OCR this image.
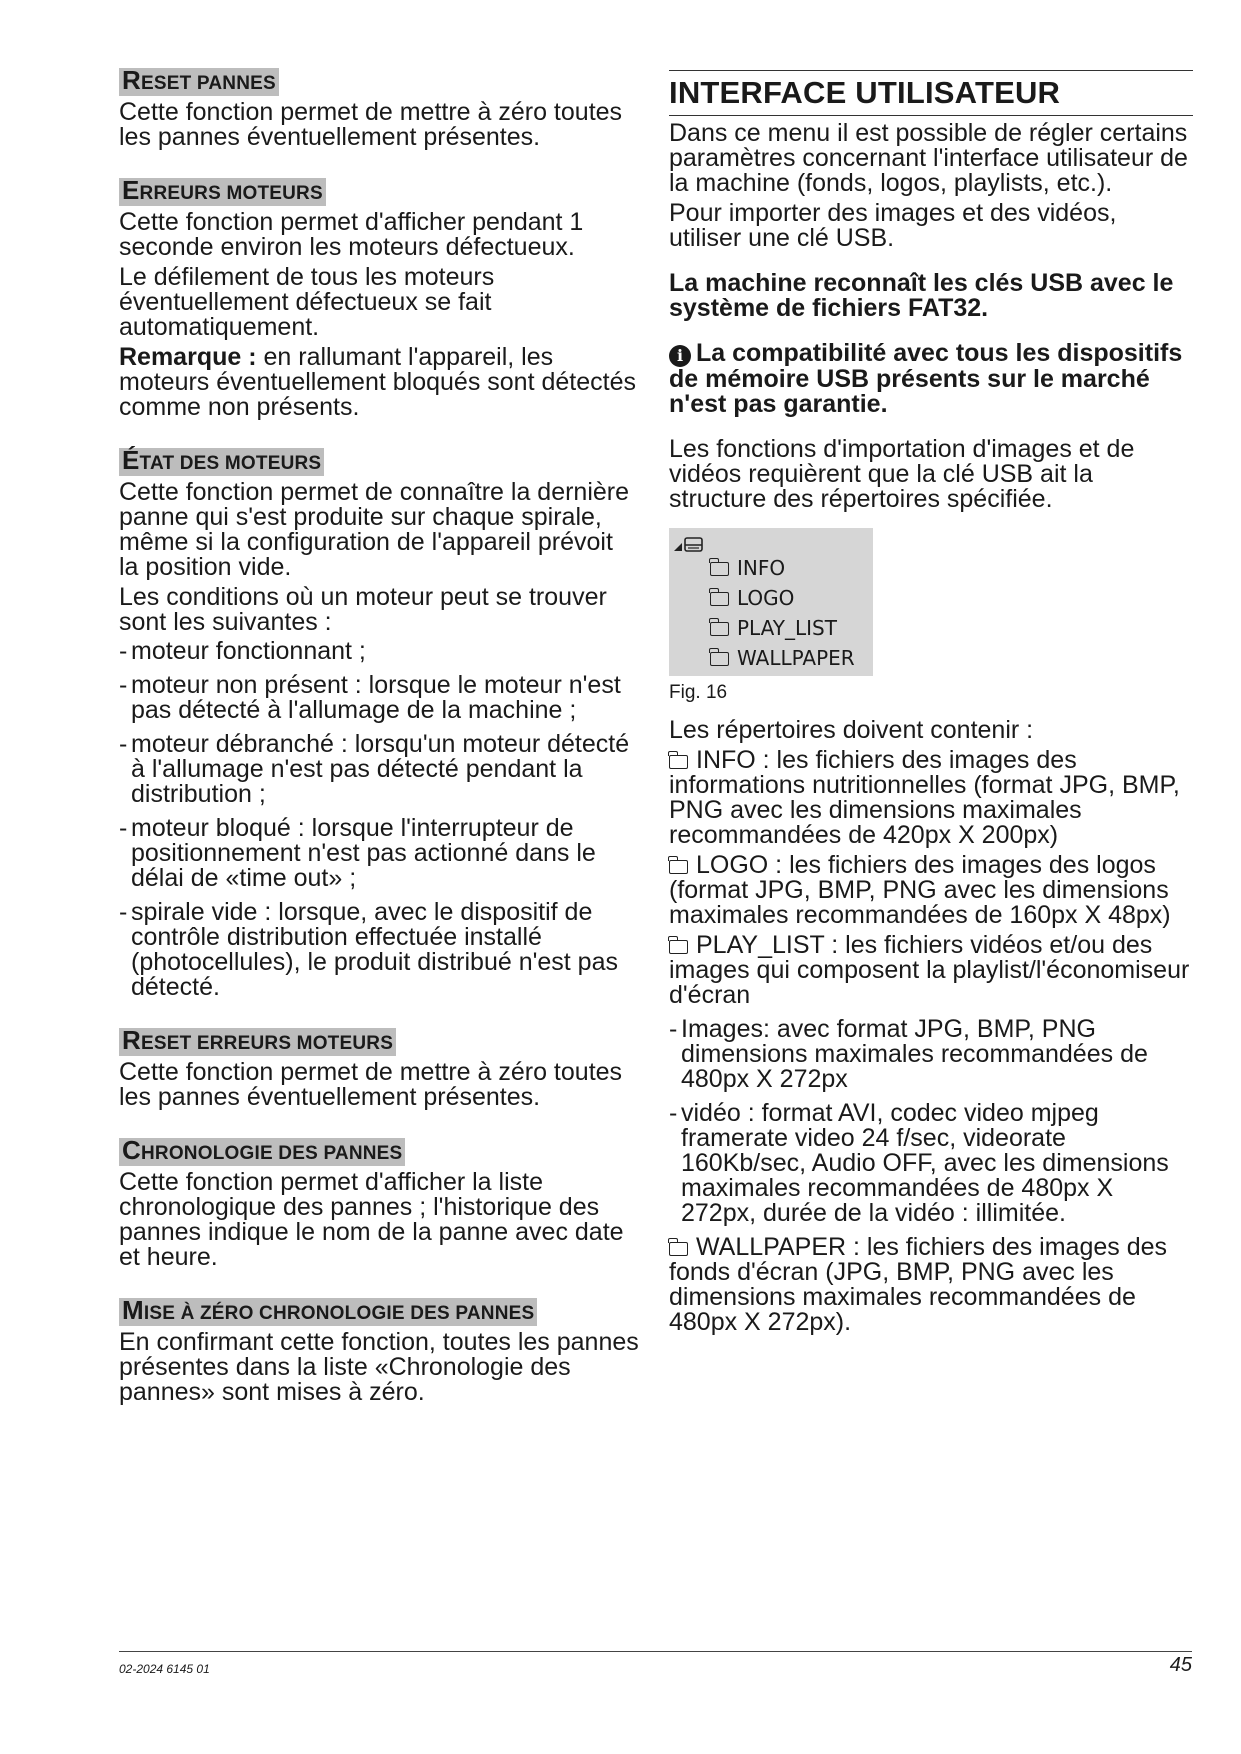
RESET PANNES

Cette fonction permet de mettre à zéro toutes les pannes éventuellement présentes.

ERREURS MOTEURS

Cette fonction permet d'afficher pendant 1 seconde environ les moteurs défectueux.

Le défilement de tous les moteurs éventuellement défectueux se fait automatiquement.

Remarque : en rallumant l'appareil, les moteurs éventuellement bloqués sont détectés comme non présents.

ÉTAT DES MOTEURS

Cette fonction permet de connaître la dernière panne qui s'est produite sur chaque spirale, même si la configuration de l'appareil prévoit la position vide.

Les conditions où un moteur peut se trouver sont les suivantes :

- moteur fonctionnant ;
- moteur non présent : lorsque le moteur n'est pas détecté à l'allumage de la machine ;
- moteur débranché : lorsqu'un moteur détecté à l'allumage n'est pas détecté pendant la distribution ;
- moteur bloqué : lorsque l'interrupteur de positionnement n'est pas actionné dans le délai de «time out» ;
- spirale vide : lorsque, avec le dispositif de contrôle distribution effectuée installé (photocellules), le produit distribué n'est pas détecté.
RESET ERREURS MOTEURS

Cette fonction permet de mettre à zéro toutes les pannes éventuellement présentes.

CHRONOLOGIE DES PANNES

Cette fonction permet d'afficher la liste chronologique des pannes ; l'historique des pannes indique le nom de la panne avec date et heure.

MISE À ZÉRO CHRONOLOGIE DES PANNES

En confirmant cette fonction, toutes les pannes présentes dans la liste «Chronologie des pannes» sont mises à zéro.

INTERFACE UTILISATEUR

Dans ce menu il est possible de régler certains paramètres concernant l'interface utilisateur de la machine (fonds, logos, playlists, etc.).

Pour importer des images et des vidéos, utiliser une clé USB.

La machine reconnaît les clés USB avec le système de fichiers FAT32.

i La compatibilité avec tous les dispositifs de mémoire USB présents sur le marché n'est pas garantie.

Les fonctions d'importation d'images et de vidéos requièrent que la clé USB ait la structure des répertoires spécifiée.

INFO
LOGO
PLAY_LIST
WALLPAPER
Fig. 16

Les répertoires doivent contenir :

INFO : les fichiers des images des informations nutritionnelles (format JPG, BMP, PNG avec les dimensions maximales recommandées de 420px X 200px)

LOGO : les fichiers des images des logos (format JPG, BMP, PNG avec les dimensions maximales recommandées de 160px X 48px)

PLAY_LIST : les fichiers vidéos et/ou des images qui composent la playlist/l'économiseur d'écran

- Images: avec format JPG, BMP, PNG dimensions maximales recommandées de 480px X 272px
- vidéo : format AVI, codec video mjpeg framerate video 24 f/sec, videorate 160Kb/sec, Audio OFF, avec les dimensions maximales recommandées de 480px X 272px, durée de la vidéo : illimitée.

WALLPAPER : les fichiers des images des fonds d'écran (JPG, BMP, PNG avec les dimensions maximales recommandées de 480px X 272px).

02-2024 6145 01	45
